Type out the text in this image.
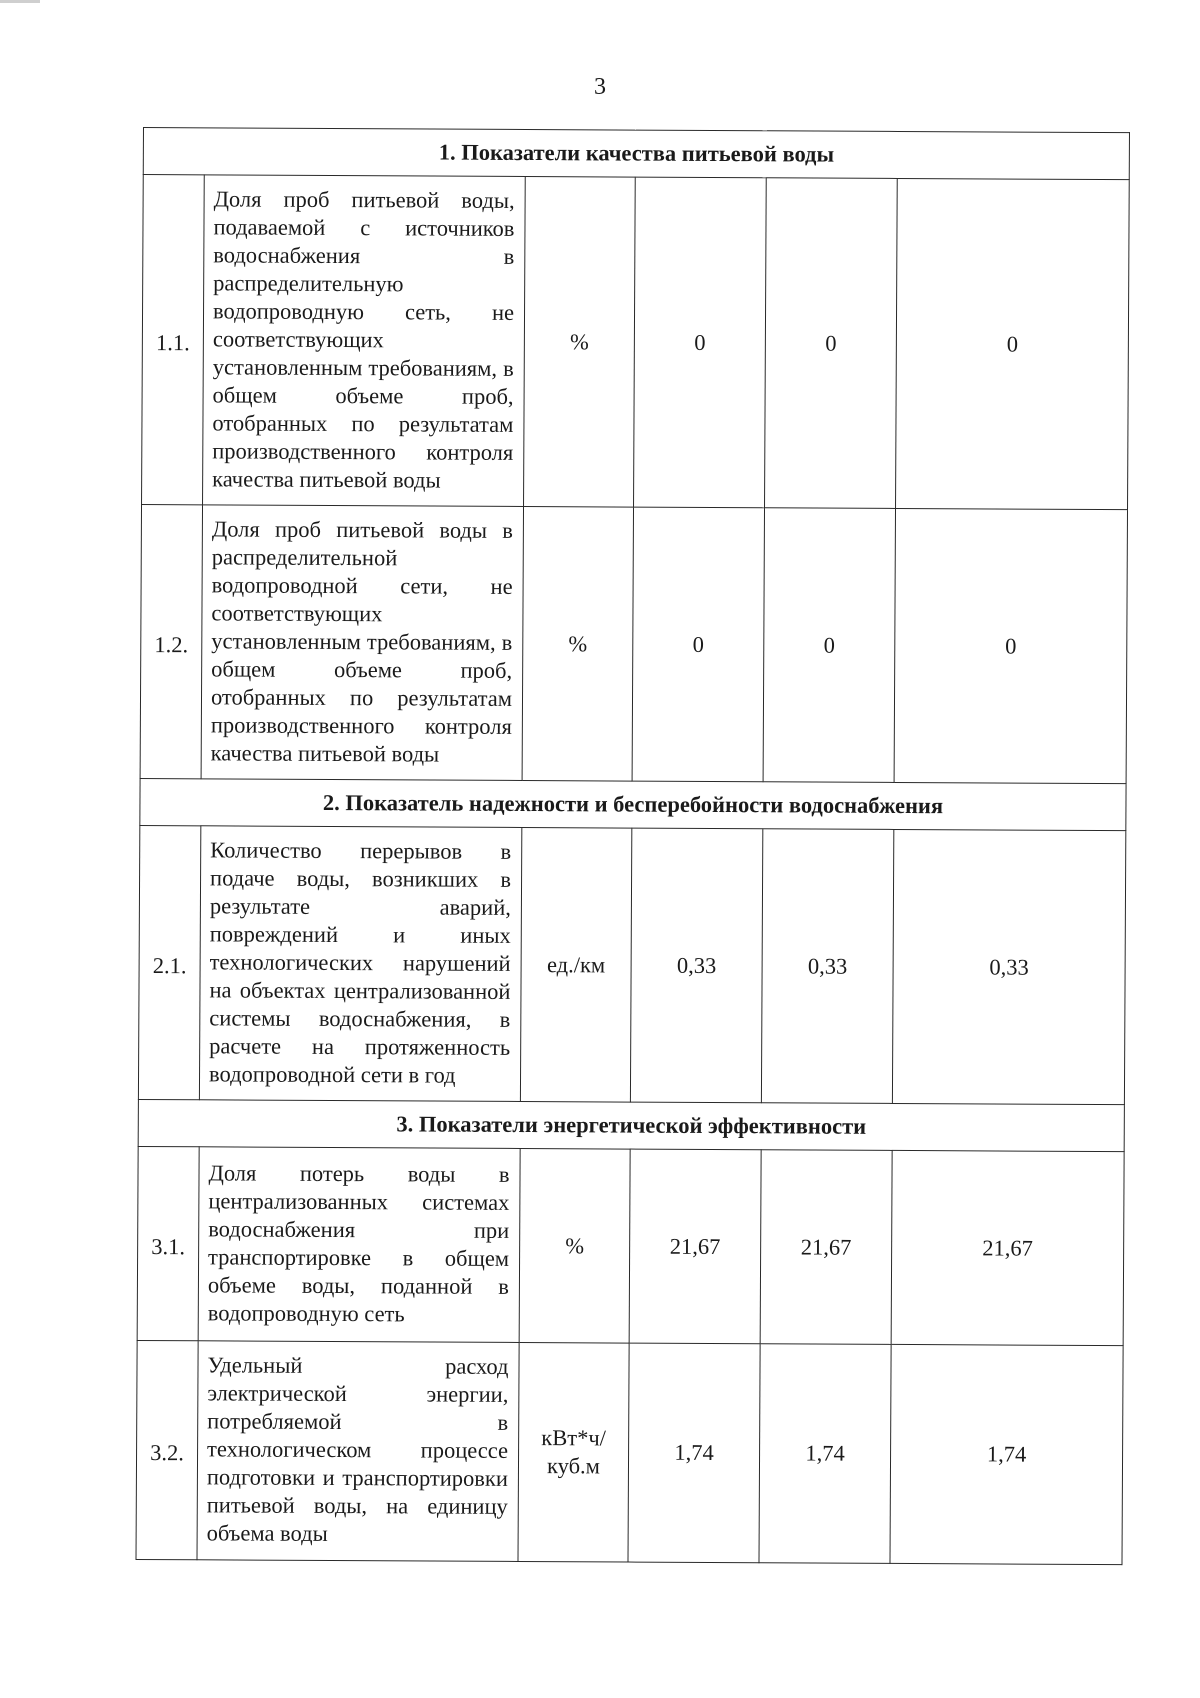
3
1. Показатели качества питьевой воды					
1.1.	Доля проб питьевой воды, подаваемой с источников водоснабжения в распределительную водопроводную сеть, не соответствующих установленным требованиям, в общем объеме проб, отобранных по результатам производственного контроля качества питьевой воды	%	0	0	0
1.2.	Доля проб питьевой воды в распределительной водопроводной сети, не соответствующих установленным требованиям, в общем объеме проб, отобранных по результатам производственного контроля качества питьевой воды	%	0	0	0
2. Показатель надежности и бесперебойности водоснабжения					
2.1.	Количество перерывов в подаче воды, возникших в результате аварий, повреждений и иных технологических нарушений на объектах централизованной системы водоснабжения, в расчете на протяженность водопроводной сети в год	ед./км	0,33	0,33	0,33
3. Показатели энергетической эффективности					
3.1.	Доля потерь воды в централизованных системах водоснабжения при транспортировке в общем объеме воды, поданной в водопроводную сеть	%	21,67	21,67	21,67
3.2.	Удельный расход электрической энергии, потребляемой в технологическом процессе подготовки и транспортировки питьевой воды, на единицу объема воды	кВт*ч/ куб.м	1,74	1,74	1,74
